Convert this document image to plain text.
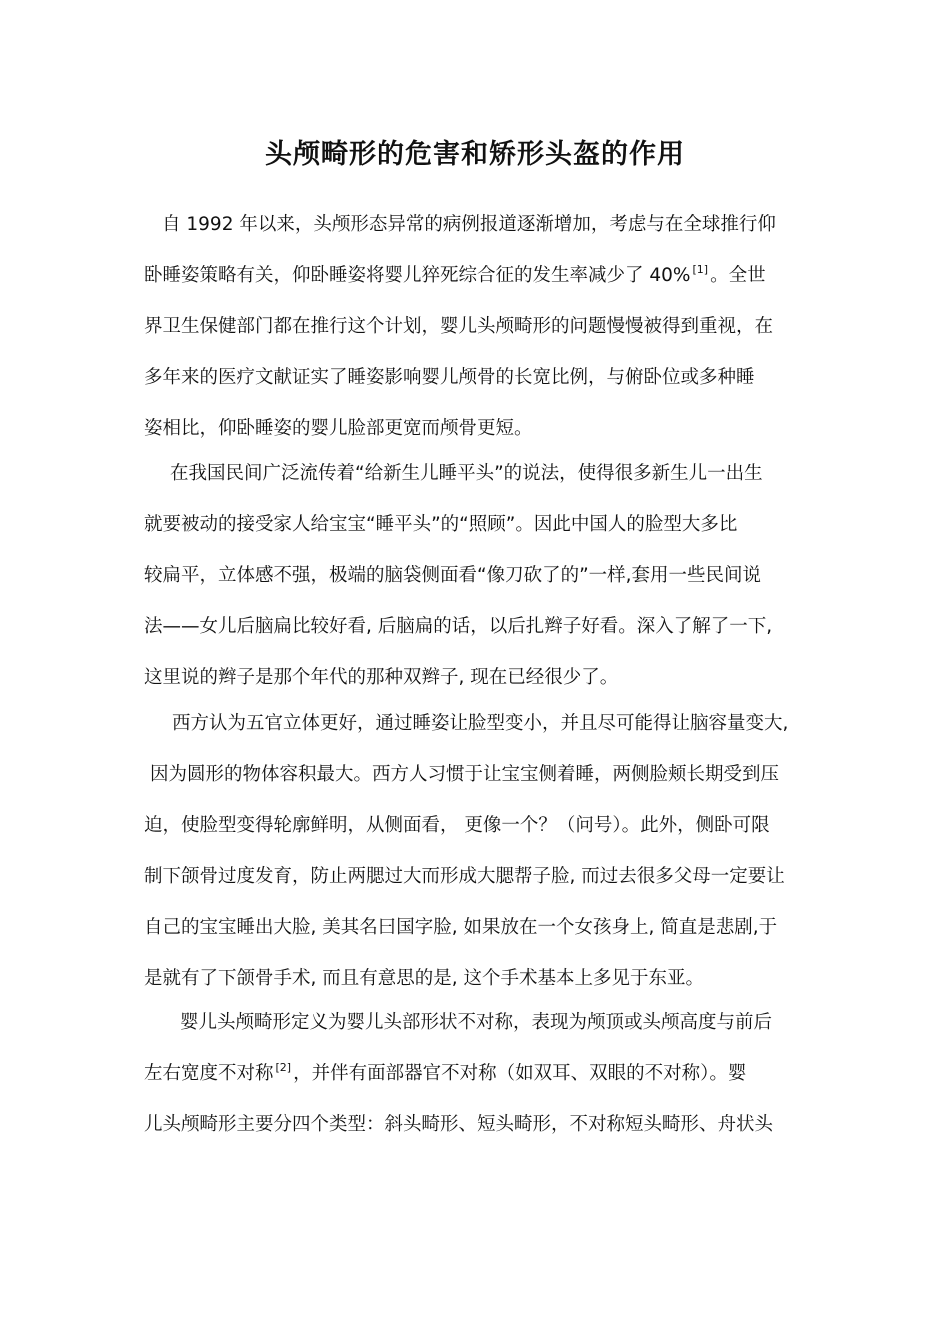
头颅畸形的危害和矫形头盔的作用
自 1992 年以来，头颅形态异常的病例报道逐渐增加，考虑与在全球推行仰
卧睡姿策略有关，仰卧睡姿将婴儿猝死综合征的发生率减少了 40% [1] 。全世
界卫生保健部门都在推行这个计划，婴儿头颅畸形的问题慢慢被得到重视，在
多年来的医疗文献证实了睡姿影响婴儿颅骨的长宽比例，与俯卧位或多种睡
姿相比，仰卧睡姿的婴儿脸部更宽而颅骨更短。
在我国民间广泛流传着“给新生儿睡平头”的说法，使得很多新生儿一出生
就要被动的接受家人给宝宝“睡平头”的“照顾”。因此中国人的脸型大多比
较扁平，立体感不强，极端的脑袋侧面看“像刀砍了的”一样,套用一些民间说
法——女儿后脑扁比较好看, 后脑扁的话，以后扎辫子好看。深入了解了一下,
这里说的辫子是那个年代的那种双辫子, 现在已经很少了。
西方认为五官立体更好，通过睡姿让脸型变小，并且尽可能得让脑容量变大,
因为圆形的物体容积最大。西方人习惯于让宝宝侧着睡，两侧脸颊长期受到压
迫，使脸型变得轮廓鲜明，从侧面看， 更像一个？（问号）。此外，侧卧可限
制下颌骨过度发育，防止两腮过大而形成大腮帮子脸, 而过去很多父母一定要让
自己的宝宝睡出大脸, 美其名曰国字脸, 如果放在一个女孩身上, 简直是悲剧,于
是就有了下颌骨手术, 而且有意思的是, 这个手术基本上多见于东亚。
婴儿头颅畸形定义为婴儿头部形状不对称，表现为颅顶或头颅高度与前后
左右宽度不对称 [2] ，并伴有面部器官不对称（如双耳、双眼的不对称）。婴
儿头颅畸形主要分四个类型：斜头畸形、短头畸形，不对称短头畸形、舟状头
